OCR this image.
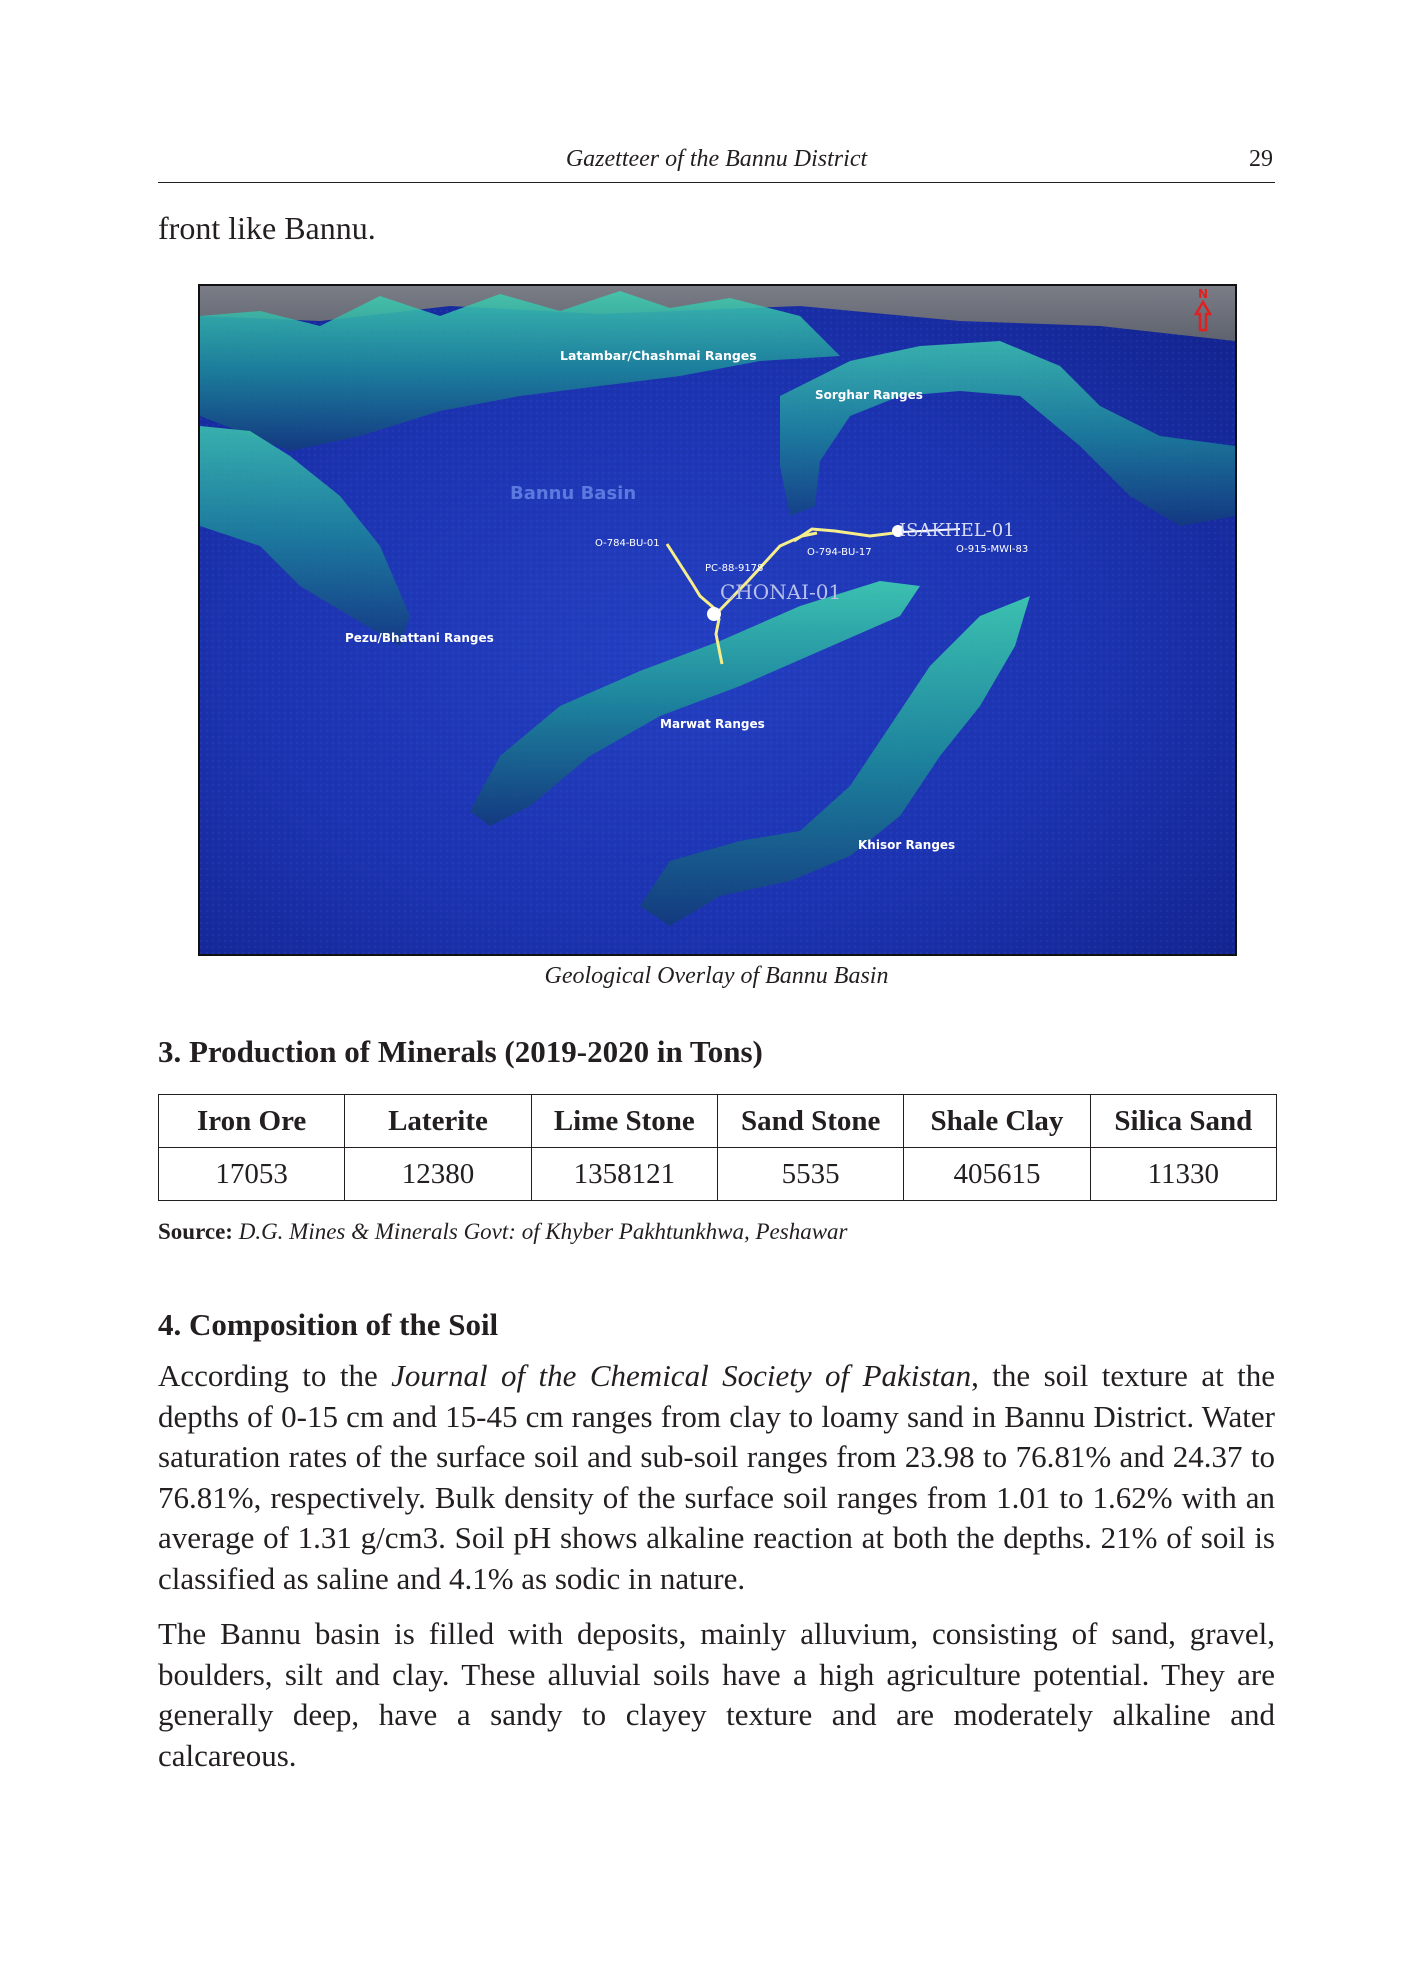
Gazetteer of the Bannu District	29
front like Bannu.
N
Latambar/Chashmai Ranges
Sorghar Ranges
Bannu Basin
O-784-BU-01
PC-88-9178
O-794-BU-17	O-915-MWI-83
ISAKHEL-01
CHONAI-01
Pezu/Bhattani Ranges
Marwat Ranges
Khisor Ranges
Geological Overlay of Bannu Basin
3. Production of Minerals (2019-2020 in Tons)
Iron Ore	Laterite	Lime Stone	Sand Stone	Shale Clay	Silica Sand
17053	12380	1358121	5535	405615	11330
Source: D.G. Mines & Minerals Govt: of Khyber Pakhtunkhwa, Peshawar
4. Composition of the Soil
According to the Journal of the Chemical Society of Pakistan, the soil texture at the depths of 0-15 cm and 15-45 cm ranges from clay to loamy sand in Bannu District. Water saturation rates of the surface soil and sub-soil ranges from 23.98 to 76.81% and 24.37 to 76.81%, respectively. Bulk density of the surface soil ranges from 1.01 to 1.62% with an average of 1.31 g/cm3. Soil pH shows alkaline reaction at both the depths. 21% of soil is classified as saline and 4.1% as sodic in nature.
The Bannu basin is filled with deposits, mainly alluvium, consisting of sand, gravel, boulders, silt and clay. These alluvial soils have a high agriculture potential. They are generally deep, have a sandy to clayey texture and are moderately alkaline and calcareous.
